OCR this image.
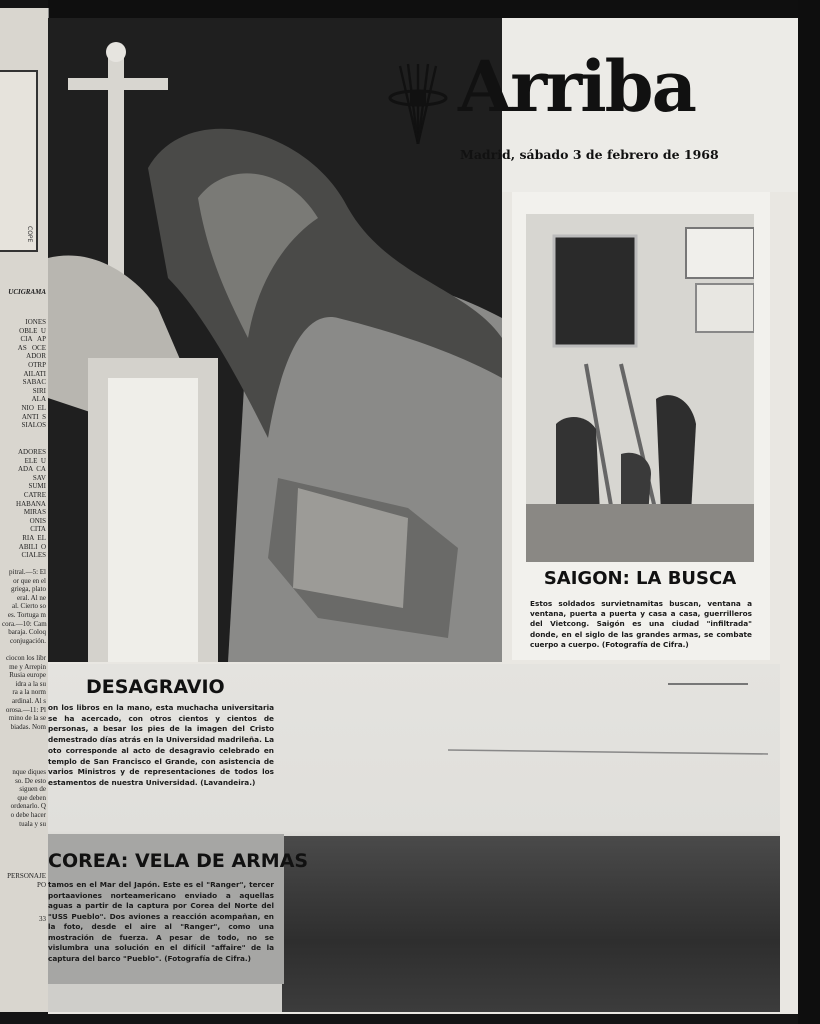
COPE
UCIGRAMA
IONES
OBLE  U
CIA   AP
AS   OCE
ADOR
OTRP
AILATI
SABAC
SIRI
ALA
NIO  EL
ANTI  S
SIALOS
ADORES
ELE  U
ADA  CA
SAV
SUMI
CATRE
HABANA
MIRAS
ONIS
CITA
RIA  EL
ABILI  O
CIALES
pitral.—5: El
or que en el
griega, plato
eral. Al ne
al. Cierto so
es. Tortuga m
cora.—10: Cam
baraja. Coloq
conjugación.

ciocon los libr
me y Arrepin
Rusia europe
idra a la su
ra a la norm
ardinal. Al s
orosa.—11: Pl
mino de la se
biadas. Nom
nque diques
so. De esto
siguen de
que deben
ordenarlo. Q
o debe hacer
tuala y su
PERSONAJE
PO

33
Arriba
Madrid, sábado 3 de febrero de 1968
SAIGON: LA BUSCA
Estos soldados survietnamitas buscan, ventana a ventana, puerta a puerta y casa a casa, guerrilleros del Vietcong. Saigón es una ciudad "infiltrada" donde, en el siglo de las grandes armas, se combate cuerpo a cuerpo. (Fotografía de Cifra.)
DESAGRAVIO
on los libros en la mano, esta muchacha universitaria se ha acercado, con otros cientos y cientos de personas, a besar los pies de la imagen del Cristo demestrado días atrás en la Universidad madrileña. La oto corresponde al acto de desagravio celebrado en templo de San Francisco el Grande, con asistencia de varios Ministros y de representaciones de todos los estamentos de nuestra Universidad. (Lavandeira.)
COREA: VELA DE ARMAS
tamos en el Mar del Japón. Este es el "Ranger", tercer portaaviones norteamericano enviado a aquellas aguas a partir de la captura por Corea del Norte del "USS Pueblo". Dos aviones a reacción acompañan, en la foto, desde el aire al "Ranger", como una mostración de fuerza. A pesar de todo, no se vislumbra una solución en el difícil "affaire" de la captura del barco "Pueblo". (Fotografía de Cifra.)
